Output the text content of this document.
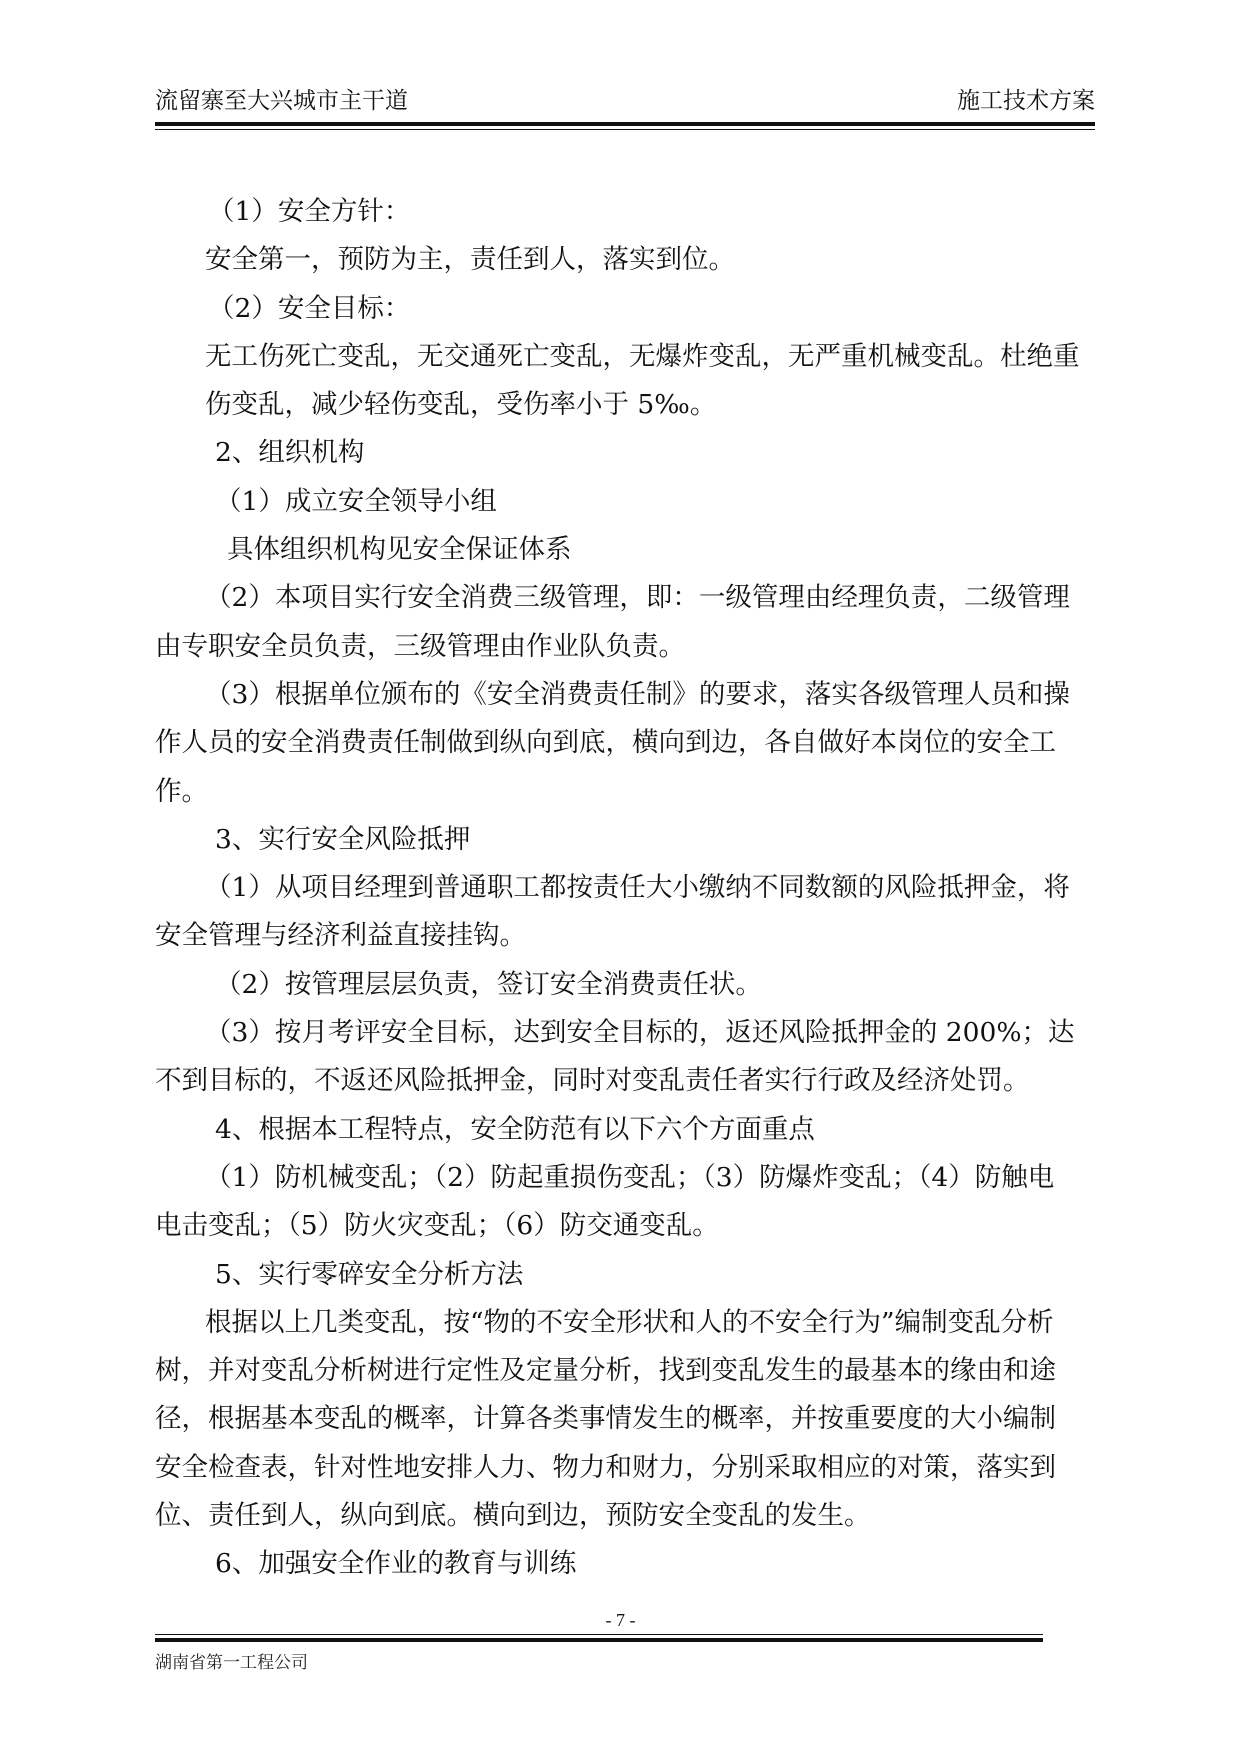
流留寨至大兴城市主干道	施工技术方案

（1）安全方针：

安全第一，预防为主，责任到人，落实到位。

（2）安全目标：

无工伤死亡变乱，无交通死亡变乱，无爆炸变乱，无严重机械变乱。杜绝重伤变乱，减少轻伤变乱，受伤率小于 5‰。

2、组织机构

（1）成立安全领导小组

具体组织机构见安全保证体系

（2）本项目实行安全消费三级管理，即：一级管理由经理负责，二级管理由专职安全员负责，三级管理由作业队负责。

（3）根据单位颁布的《安全消费责任制》的要求，落实各级管理人员和操作人员的安全消费责任制做到纵向到底，横向到边，各自做好本岗位的安全工作。

3、实行安全风险抵押

（1）从项目经理到普通职工都按责任大小缴纳不同数额的风险抵押金，将安全管理与经济利益直接挂钩。

（2）按管理层层负责，签订安全消费责任状。

（3）按月考评安全目标，达到安全目标的，返还风险抵押金的 200%；达不到目标的，不返还风险抵押金，同时对变乱责任者实行行政及经济处罚。

4、根据本工程特点，安全防范有以下六个方面重点

（1）防机械变乱；（2）防起重损伤变乱；（3）防爆炸变乱；（4）防触电电击变乱；（5）防火灾变乱；（6）防交通变乱。

5、实行零碎安全分析方法

根据以上几类变乱，按“物的不安全形状和人的不安全行为”编制变乱分析树，并对变乱分析树进行定性及定量分析，找到变乱发生的最基本的缘由和途径，根据基本变乱的概率，计算各类事情发生的概率，并按重要度的大小编制安全检查表，针对性地安排人力、物力和财力，分别采取相应的对策，落实到位、责任到人，纵向到底。横向到边，预防安全变乱的发生。

6、加强安全作业的教育与训练

- 7 -
湖南省第一工程公司
